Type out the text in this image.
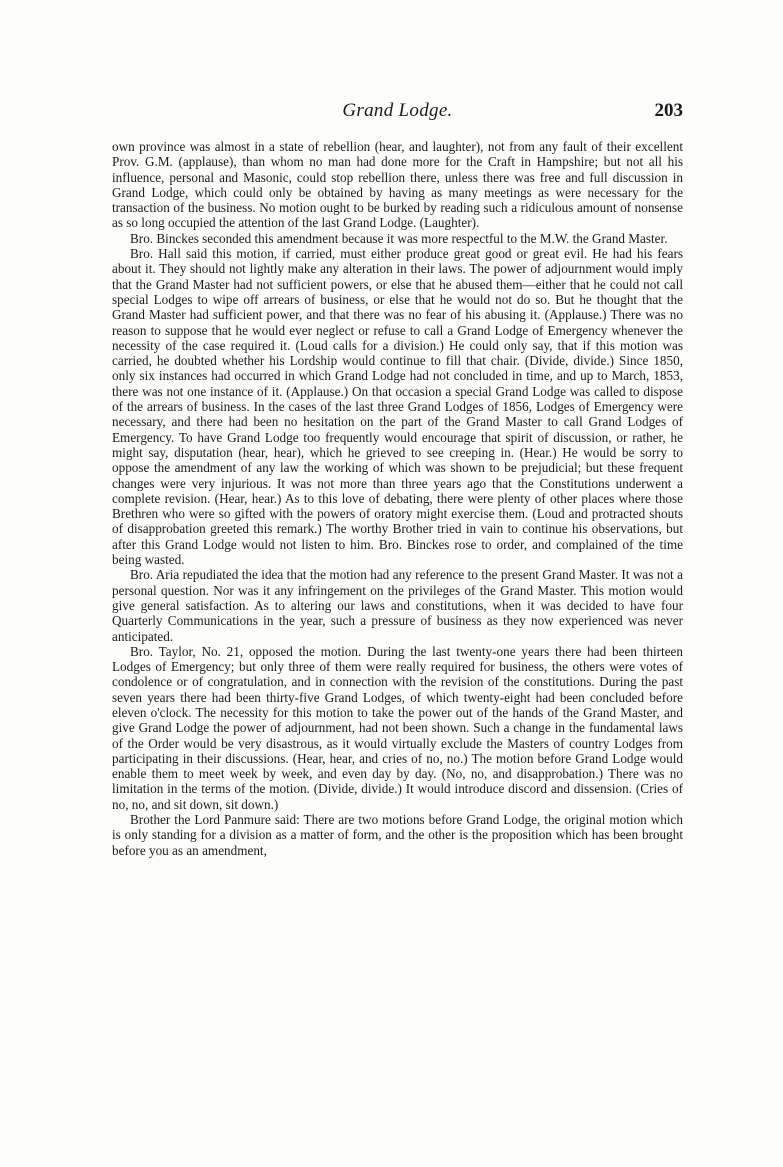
Grand Lodge.	203

own province was almost in a state of rebellion (hear, and laughter), not from any fault of their excellent Prov. G.M. (applause), than whom no man had done more for the Craft in Hampshire; but not all his influence, personal and Masonic, could stop rebellion there, unless there was free and full discussion in Grand Lodge, which could only be obtained by having as many meetings as were necessary for the transaction of the business. No motion ought to be burked by reading such a ridiculous amount of nonsense as so long occupied the attention of the last Grand Lodge. (Laughter).

Bro. Binckes seconded this amendment because it was more respectful to the M.W. the Grand Master.

Bro. Hall said this motion, if carried, must either produce great good or great evil. He had his fears about it. They should not lightly make any alteration in their laws. The power of adjournment would imply that the Grand Master had not sufficient powers, or else that he abused them—either that he could not call special Lodges to wipe off arrears of business, or else that he would not do so. But he thought that the Grand Master had sufficient power, and that there was no fear of his abusing it. (Applause.) There was no reason to suppose that he would ever neglect or refuse to call a Grand Lodge of Emergency whenever the necessity of the case required it. (Loud calls for a division.) He could only say, that if this motion was carried, he doubted whether his Lordship would continue to fill that chair. (Divide, divide.) Since 1850, only six instances had occurred in which Grand Lodge had not concluded in time, and up to March, 1853, there was not one instance of it. (Applause.) On that occasion a special Grand Lodge was called to dispose of the arrears of business. In the cases of the last three Grand Lodges of 1856, Lodges of Emergency were necessary, and there had been no hesitation on the part of the Grand Master to call Grand Lodges of Emergency. To have Grand Lodge too frequently would encourage that spirit of discussion, or rather, he might say, disputation (hear, hear), which he grieved to see creeping in. (Hear.) He would be sorry to oppose the amendment of any law the working of which was shown to be prejudicial; but these frequent changes were very injurious. It was not more than three years ago that the Constitutions underwent a complete revision. (Hear, hear.) As to this love of debating, there were plenty of other places where those Brethren who were so gifted with the powers of oratory might exercise them. (Loud and protracted shouts of disapprobation greeted this remark.) The worthy Brother tried in vain to continue his observations, but after this Grand Lodge would not listen to him. Bro. Binckes rose to order, and complained of the time being wasted.

Bro. Aria repudiated the idea that the motion had any reference to the present Grand Master. It was not a personal question. Nor was it any infringement on the privileges of the Grand Master. This motion would give general satisfaction. As to altering our laws and constitutions, when it was decided to have four Quarterly Communications in the year, such a pressure of business as they now experienced was never anticipated.

Bro. Taylor, No. 21, opposed the motion. During the last twenty-one years there had been thirteen Lodges of Emergency; but only three of them were really required for business, the others were votes of condolence or of congratulation, and in connection with the revision of the constitutions. During the past seven years there had been thirty-five Grand Lodges, of which twenty-eight had been concluded before eleven o'clock. The necessity for this motion to take the power out of the hands of the Grand Master, and give Grand Lodge the power of adjournment, had not been shown. Such a change in the fundamental laws of the Order would be very disastrous, as it would virtually exclude the Masters of country Lodges from participating in their discussions. (Hear, hear, and cries of no, no.) The motion before Grand Lodge would enable them to meet week by week, and even day by day. (No, no, and disapprobation.) There was no limitation in the terms of the motion. (Divide, divide.) It would introduce discord and dissension. (Cries of no, no, and sit down, sit down.)

Brother the Lord Panmure said: There are two motions before Grand Lodge, the original motion which is only standing for a division as a matter of form, and the other is the proposition which has been brought before you as an amendment,
